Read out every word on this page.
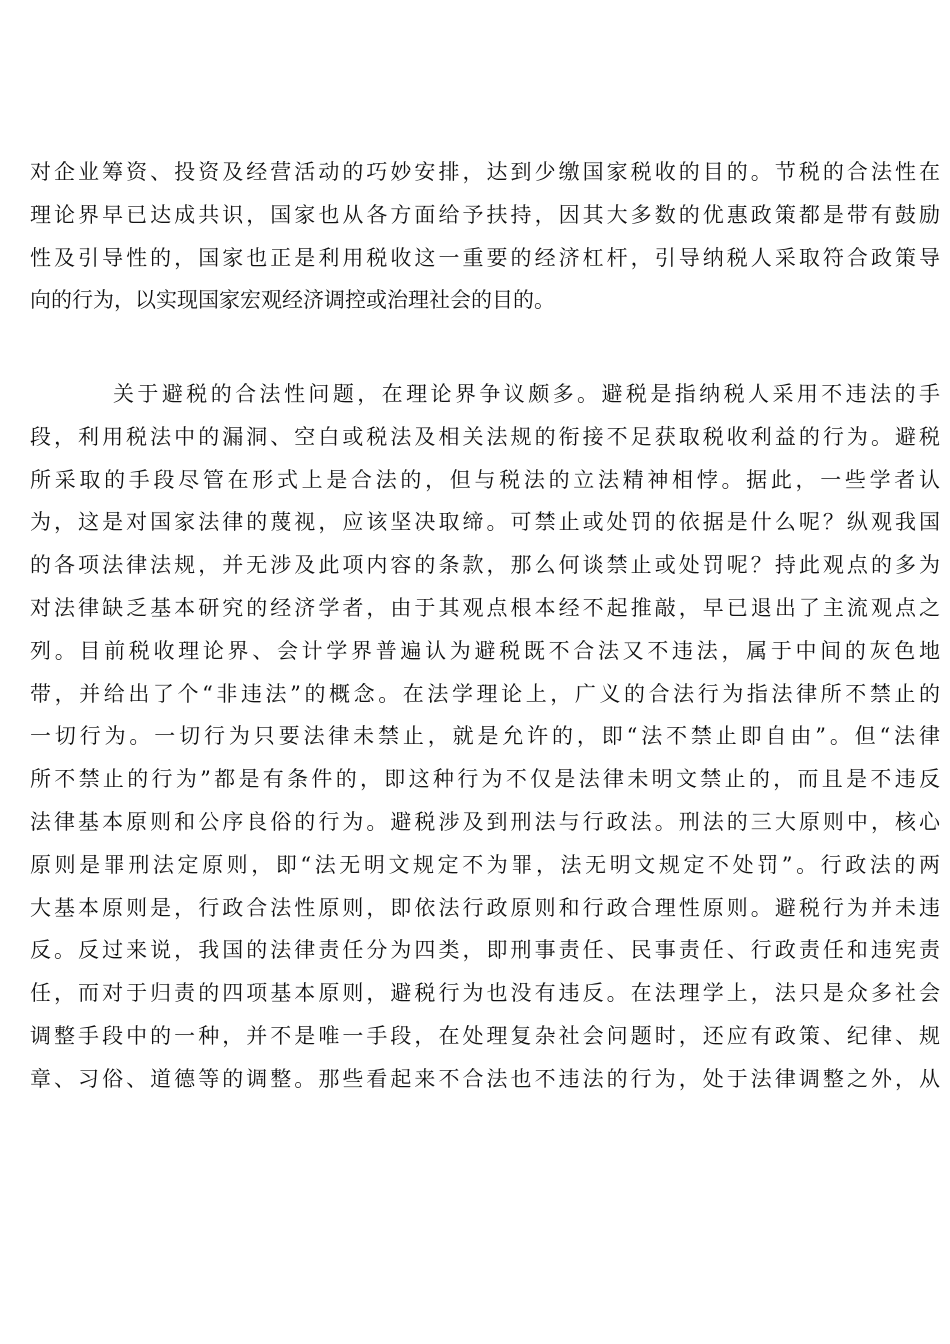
对企业筹资、投资及经营活动的巧妙安排，达到少缴国家税收的目的。节税的合法性在
理论界早已达成共识，国家也从各方面给予扶持，因其大多数的优惠政策都是带有鼓励
性及引导性的，国家也正是利用税收这一重要的经济杠杆，引导纳税人采取符合政策导
向的行为，以实现国家宏观经济调控或治理社会的目的。
关于避税的合法性问题，在理论界争议颇多。避税是指纳税人采用不违法的手
段，利用税法中的漏洞、空白或税法及相关法规的衔接不足获取税收利益的行为。避税
所采取的手段尽管在形式上是合法的，但与税法的立法精神相悖。据此，一些学者认
为，这是对国家法律的蔑视，应该坚决取缔。可禁止或处罚的依据是什么呢？纵观我国
的各项法律法规，并无涉及此项内容的条款，那么何谈禁止或处罚呢？持此观点的多为
对法律缺乏基本研究的经济学者，由于其观点根本经不起推敲，早已退出了主流观点之
列。目前税收理论界、会计学界普遍认为避税既不合法又不违法，属于中间的灰色地
带，并给出了个“非违法”的概念。在法学理论上，广义的合法行为指法律所不禁止的
一切行为。一切行为只要法律未禁止，就是允许的，即“法不禁止即自由”。但“法律
所不禁止的行为”都是有条件的，即这种行为不仅是法律未明文禁止的，而且是不违反
法律基本原则和公序良俗的行为。避税涉及到刑法与行政法。刑法的三大原则中，核心
原则是罪刑法定原则，即“法无明文规定不为罪，法无明文规定不处罚”。行政法的两
大基本原则是，行政合法性原则，即依法行政原则和行政合理性原则。避税行为并未违
反。反过来说，我国的法律责任分为四类，即刑事责任、民事责任、行政责任和违宪责
任，而对于归责的四项基本原则，避税行为也没有违反。在法理学上，法只是众多社会
调整手段中的一种，并不是唯一手段，在处理复杂社会问题时，还应有政策、纪律、规
章、习俗、道德等的调整。那些看起来不合法也不违法的行为，处于法律调整之外，从
